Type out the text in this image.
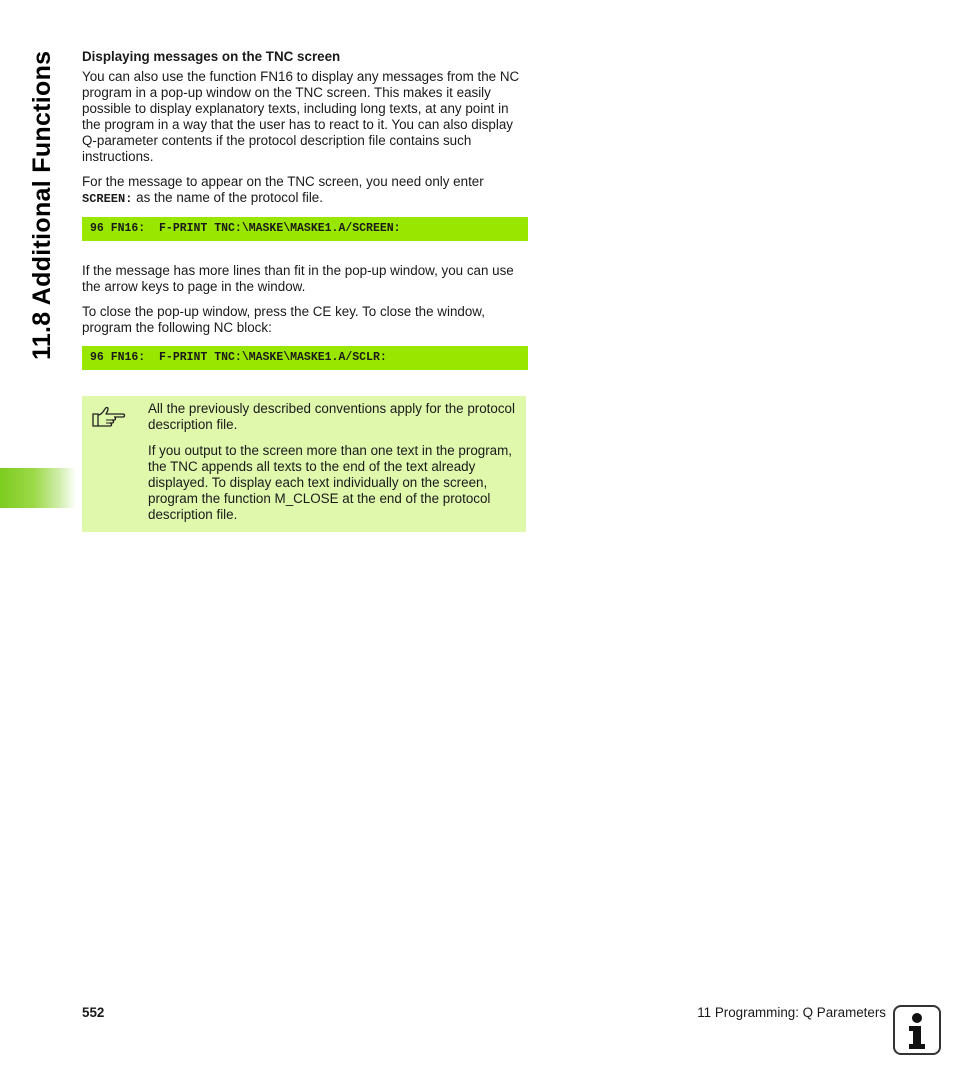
11.8 Additional Functions Displaying messages on the TNC screen

You can also use the function FN16 to display any messages from the NC program in a pop-up window on the TNC screen. This makes it easily possible to display explanatory texts, including long texts, at any point in the program in a way that the user has to react to it. You can also display Q-parameter contents if the protocol description file contains such instructions.

For the message to appear on the TNC screen, you need only enter SCREEN: as the name of the protocol file.

96 FN16:  F-PRINT TNC:\MASKE\MASKE1.A/SCREEN:

If the message has more lines than fit in the pop-up window, you can use the arrow keys to page in the window.

To close the pop-up window, press the CE key. To close the window, program the following NC block:

96 FN16:  F-PRINT TNC:\MASKE\MASKE1.A/SCLR:

All the previously described conventions apply for the protocol description file.

If you output to the screen more than one text in the program, the TNC appends all texts to the end of the text already displayed. To display each text individually on the screen, program the function M_CLOSE at the end of the protocol description file.

552	11 Programming: Q Parameters
